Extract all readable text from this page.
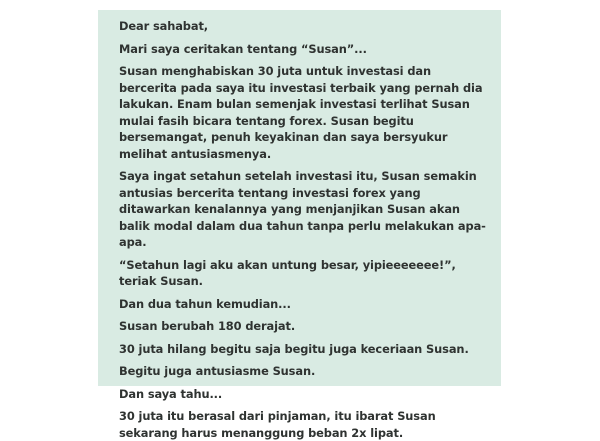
Dear sahabat,

Mari saya ceritakan tentang “Susan”...

Susan menghabiskan 30 juta untuk investasi dan bercerita pada saya itu investasi terbaik yang pernah dia lakukan. Enam bulan semenjak investasi terlihat Susan mulai fasih bicara tentang forex. Susan begitu bersemangat, penuh keyakinan dan saya bersyukur melihat antusiasmenya.

Saya ingat setahun setelah investasi itu, Susan semakin antusias bercerita tentang investasi forex yang ditawarkan kenalannya yang menjanjikan Susan akan balik modal dalam dua tahun tanpa perlu melakukan apa-apa.

“Setahun lagi aku akan untung besar, yipieeeeeee!”, teriak Susan.

Dan dua tahun kemudian...

Susan berubah 180 derajat.

30 juta hilang begitu saja begitu juga keceriaan Susan.

Begitu juga antusiasme Susan.

Dan saya tahu...

30 juta itu berasal dari pinjaman, itu ibarat Susan sekarang harus menanggung beban 2x lipat.
